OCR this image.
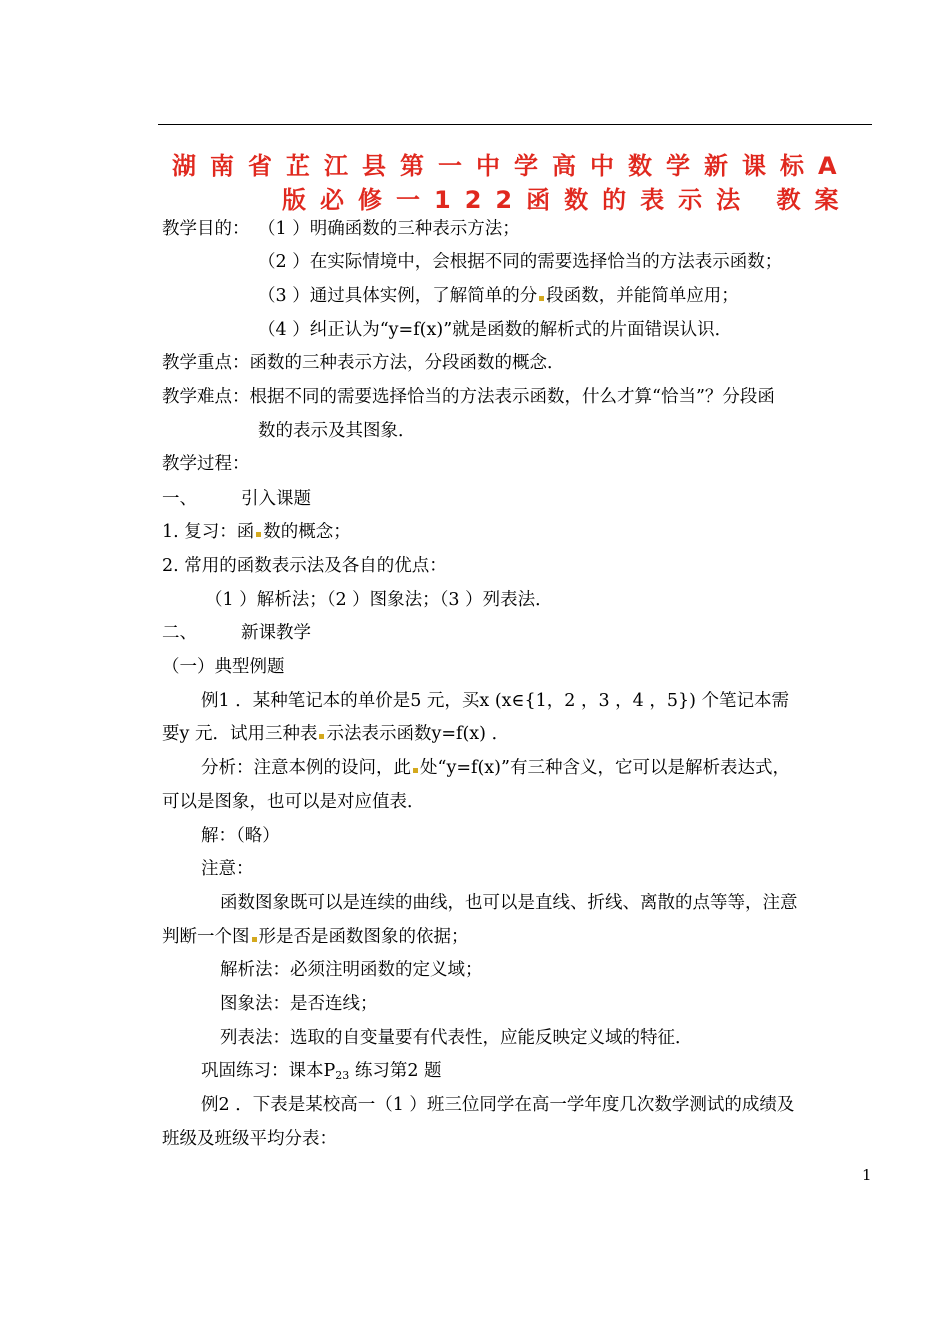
湖南省芷江县第一中学高中数学新课标A
版必修一122函数的表示法 教案
教学目的： （1 ）明确函数的三种表示方法；
（2 ）在实际情境中，会根据不同的需要选择恰当的方法表示函数；
（3 ）通过具体实例，了解简单的分 段函数，并能简单应用；
（4 ）纠正认为“y=f(x)”就是函数的解析式的片面错误认识．
教学重点：函数的三种表示方法，分段函数的概念．
教学难点：根据不同的需要选择恰当的方法表示函数，什么才算“恰当”？分段函
数的表示及其图象．
教学过程：
一、	引入课题
1. 复习：函 数的概念；
2. 常用的函数表示法及各自的优点：
（1 ）解析法；（2 ）图象法；（3 ）列表法．
二、	新课教学
（一）典型例题
例1 ．某种笔记本的单价是5 元，买x (x∈{1，2 ，3 ，4 ，5}) 个笔记本需
要y 元．试用三种表 示法表示函数y=f(x) ．
分析：注意本例的设问，此 处“y=f(x)”有三种含义，它可以是解析表达式，
可以是图象，也可以是对应值表．
解：（略）
注意：
函数图象既可以是连续的曲线，也可以是直线、折线、离散的点等等，注意
判断一个图 形是否是函数图象的依据；
解析法：必须注明函数的定义域；
图象法：是否连线；
列表法：选取的自变量要有代表性，应能反映定义域的特征．
巩固练习：课本$P_{23}$ 练习第2 题
例2 ．下表是某校高一（1 ）班三位同学在高一学年度几次数学测试的成绩及
班级及班级平均分表：
1
